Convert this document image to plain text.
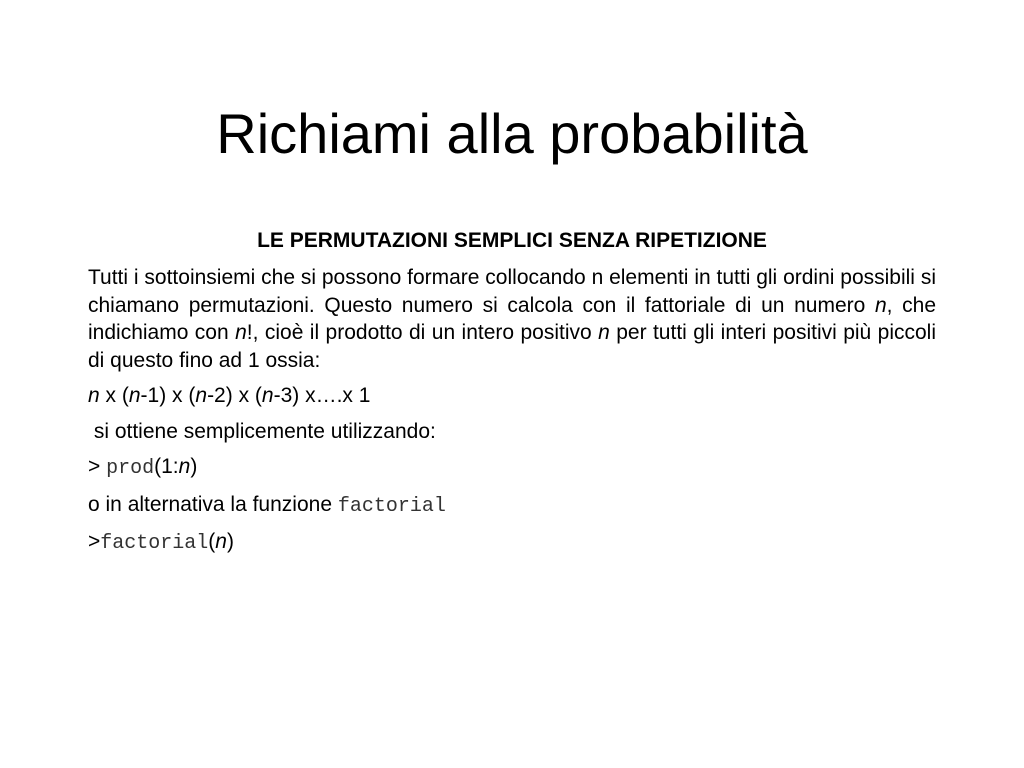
Richiami alla probabilità

LE PERMUTAZIONI SEMPLICI SENZA RIPETIZIONE

Tutti i sottoinsiemi che si possono formare collocando n elementi in tutti gli ordini possibili si chiamano permutazioni. Questo numero si calcola con il fattoriale di un numero n, che indichiamo con n!, cioè il prodotto di un intero positivo n per tutti gli interi positivi più piccoli di questo fino ad 1 ossia:

n x (n-1) x (n-2) x (n-3) x….x 1

si ottiene semplicemente utilizzando:

> prod(1:n)

o in alternativa la funzione factorial

>factorial(n)
